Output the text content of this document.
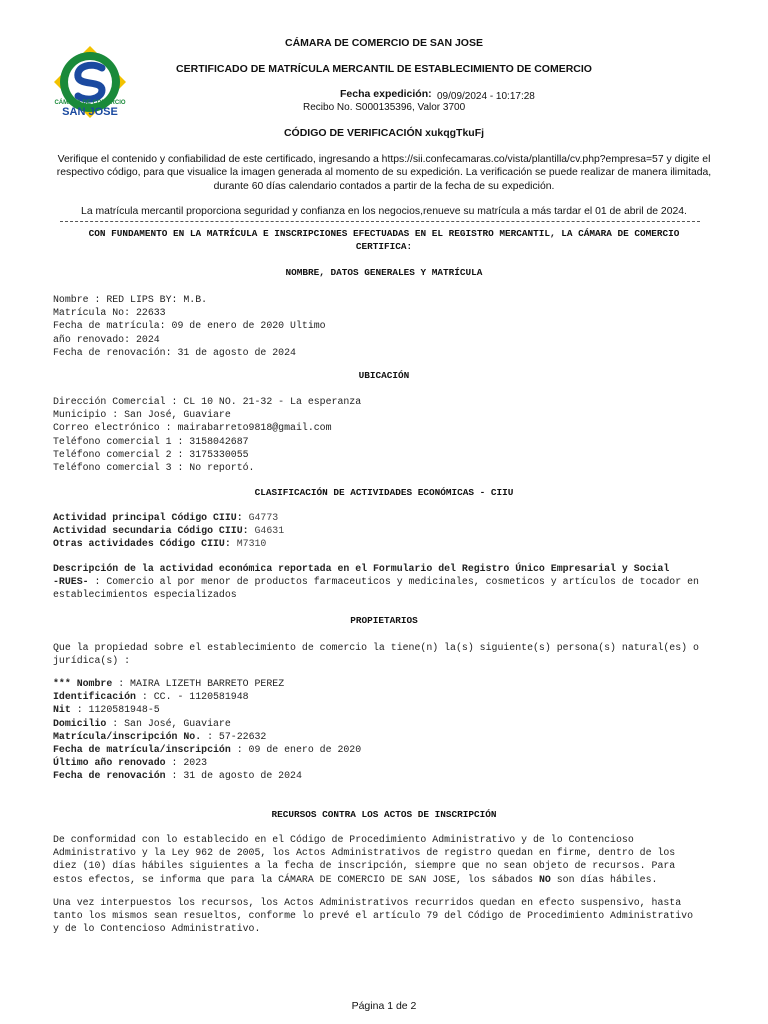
CÁMARA DE COMERCIO
SAN JOSE
CÁMARA DE COMERCIO DE SAN JOSE
CERTIFICADO DE MATRÍCULA MERCANTIL DE ESTABLECIMIENTO DE COMERCIO
Fecha expedición: 09/09/2024 - 10:17:28
Recibo No. S000135396, Valor 3700
CÓDIGO DE VERIFICACIÓN xukqgTkuFj
Verifique el contenido y confiabilidad de este certificado, ingresando a https://sii.confecamaras.co/vista/plantilla/cv.php?empresa=57 y digite el
respectivo código, para que visualice la imagen generada al momento de su expedición. La verificación se puede realizar de manera ilimitada,
durante 60 días calendario contados a partir de la fecha de su expedición.
La matrícula mercantil proporciona seguridad y confianza en los negocios,renueve su matrícula a más tardar el 01 de abril de 2024.
CON FUNDAMENTO EN LA MATRÍCULA E INSCRIPCIONES EFECTUADAS EN EL REGISTRO MERCANTIL, LA CÁMARA DE COMERCIO
CERTIFICA:
NOMBRE, DATOS GENERALES Y MATRÍCULA
Nombre : RED LIPS BY: M.B.
Matrícula No: 22633
Fecha de matrícula: 09 de enero de 2020 Ultimo
año renovado: 2024
Fecha de renovación: 31 de agosto de 2024
UBICACIÓN
Dirección Comercial : CL 10 NO. 21-32 - La esperanza
Municipio : San José, Guaviare
Correo electrónico : mairabarreto9818@gmail.com
Teléfono comercial 1 : 3158042687
Teléfono comercial 2 : 3175330055
Teléfono comercial 3 : No reportó.
CLASIFICACIÓN DE ACTIVIDADES ECONÓMICAS - CIIU
Actividad principal Código CIIU: G4773
Actividad secundaria Código CIIU: G4631
Otras actividades Código CIIU: M7310
Descripción de la actividad económica reportada en el Formulario del Registro Único Empresarial y Social
-RUES- : Comercio al por menor de productos farmaceuticos y medicinales, cosmeticos y artículos de tocador en
establecimientos especializados
PROPIETARIOS
Que la propiedad sobre el establecimiento de comercio la tiene(n) la(s) siguiente(s) persona(s) natural(es) o
jurídica(s) :
*** Nombre : MAIRA LIZETH BARRETO PEREZ
Identificación : CC. - 1120581948
Nit : 1120581948-5
Domicilio : San José, Guaviare
Matrícula/inscripción No. : 57-22632
Fecha de matrícula/inscripción : 09 de enero de 2020
Último año renovado : 2023
Fecha de renovación : 31 de agosto de 2024
RECURSOS CONTRA LOS ACTOS DE INSCRIPCIÓN
De conformidad con lo establecido en el Código de Procedimiento Administrativo y de lo Contencioso
Administrativo y la Ley 962 de 2005, los Actos Administrativos de registro quedan en firme, dentro de los
diez (10) días hábiles siguientes a la fecha de inscripción, siempre que no sean objeto de recursos. Para
estos efectos, se informa que para la CÁMARA DE COMERCIO DE SAN JOSE, los sábados NO son días hábiles.
Una vez interpuestos los recursos, los Actos Administrativos recurridos quedan en efecto suspensivo, hasta
tanto los mismos sean resueltos, conforme lo prevé el artículo 79 del Código de Procedimiento Administrativo
y de lo Contencioso Administrativo.
Página 1 de 2
